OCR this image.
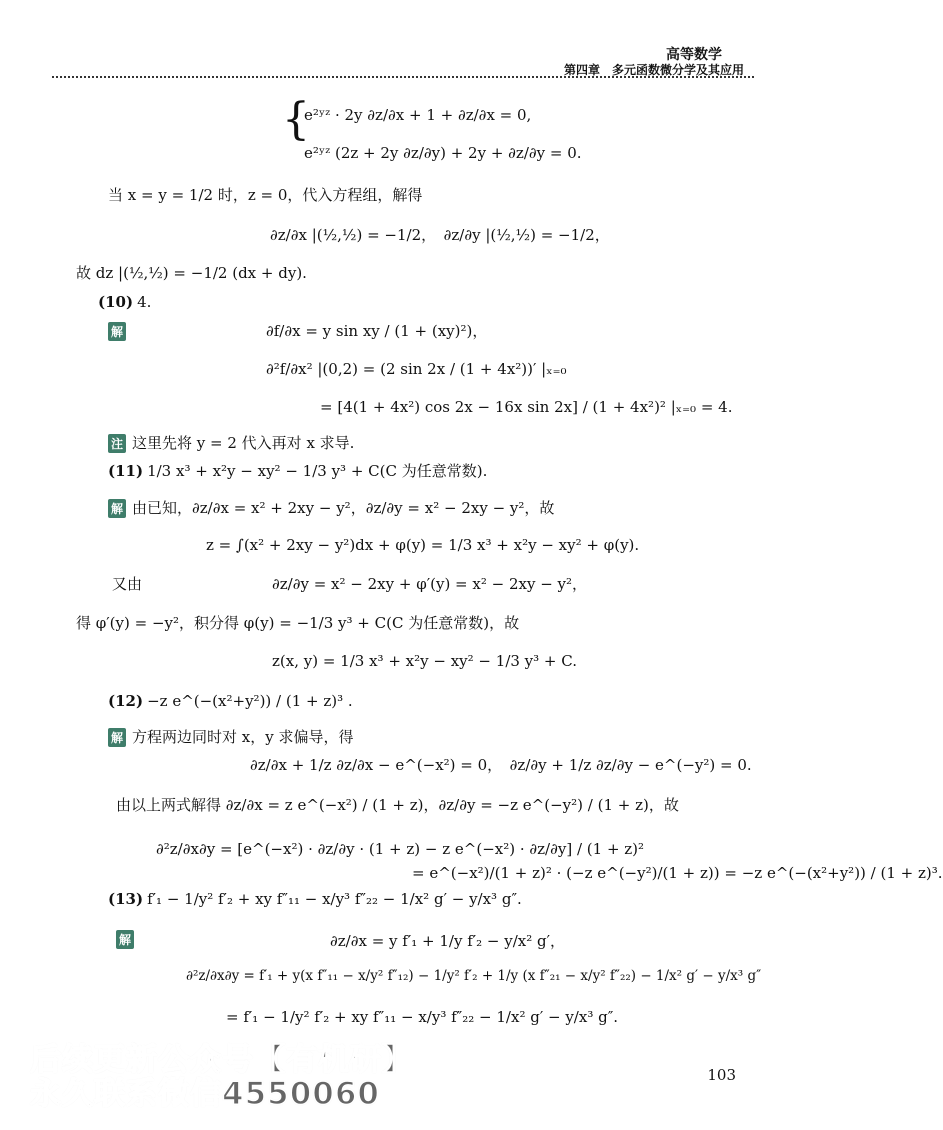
高等数学
第四章　多元函数微分学及其应用
{
e²ʸᶻ · 2y ∂z/∂x + 1 + ∂z/∂x = 0,
e²ʸᶻ (2z + 2y ∂z/∂y) + 2y + ∂z/∂y = 0.
当 x = y = 1/2 时，z = 0，代入方程组，解得
∂z/∂x |(½,½) = −1/2，　∂z/∂y |(½,½) = −1/2，
故 dz |(½,½) = −1/2 (dx + dy).
(10) 4.
解	∂f/∂x = y sin xy / (1 + (xy)²)，
∂²f/∂x² |(0,2) = (2 sin 2x / (1 + 4x²))′ |ₓ₌₀
= [4(1 + 4x²) cos 2x − 16x sin 2x] / (1 + 4x²)² |ₓ₌₀ = 4.
注 这里先将 y = 2 代入再对 x 求导.
(11) 1/3 x³ + x²y − xy² − 1/3 y³ + C(C 为任意常数).
解 由已知，∂z/∂x = x² + 2xy − y²，∂z/∂y = x² − 2xy − y²，故
z = ∫(x² + 2xy − y²)dx + φ(y) = 1/3 x³ + x²y − xy² + φ(y).
又由	∂z/∂y = x² − 2xy + φ′(y) = x² − 2xy − y²，
得 φ′(y) = −y²，积分得 φ(y) = −1/3 y³ + C(C 为任意常数)，故
z(x, y) = 1/3 x³ + x²y − xy² − 1/3 y³ + C.
(12) −z e^(−(x²+y²)) / (1 + z)³ .
解 方程两边同时对 x，y 求偏导，得
∂z/∂x + 1/z ∂z/∂x − e^(−x²) = 0，　∂z/∂y + 1/z ∂z/∂y − e^(−y²) = 0.
由以上两式解得 ∂z/∂x = z e^(−x²) / (1 + z)，∂z/∂y = −z e^(−y²) / (1 + z)，故
∂²z/∂x∂y = [e^(−x²) · ∂z/∂y · (1 + z) − z e^(−x²) · ∂z/∂y] / (1 + z)²
= e^(−x²)/(1 + z)² · (−z e^(−y²)/(1 + z)) = −z e^(−(x²+y²)) / (1 + z)³.
(13) f′₁ − 1/y² f′₂ + xy f″₁₁ − x/y³ f″₂₂ − 1/x² g′ − y/x³ g″.
解	∂z/∂x = y f′₁ + 1/y f′₂ − y/x² g′，
∂²z/∂x∂y = f′₁ + y(x f″₁₁ − x/y² f″₁₂) − 1/y² f′₂ + 1/y (x f″₂₁ − x/y² f″₂₂) − 1/x² g′ − y/x³ g″
= f′₁ − 1/y² f′₂ + xy f″₁₁ − x/y³ f″₂₂ − 1/x² g′ − y/x³ g″.
103
后续更新公众号【有机研】
永久联系微信4550060
